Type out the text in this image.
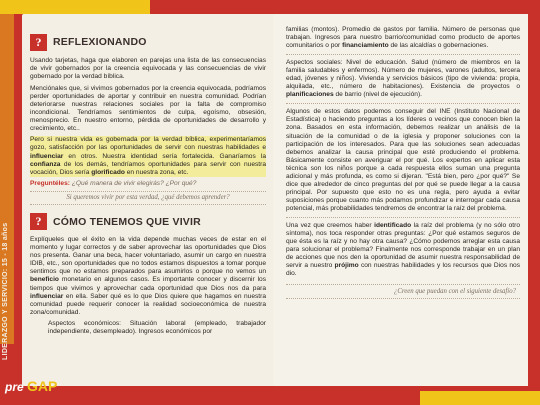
LIDERAZGO Y SERVICIO: 15 - 18 años
pre GAP
?	REFLEXIONANDO

Usando tarjetas, haga que elaboren en parejas una lista de las consecuencias de vivir gobernados por la creencia equivocada y las consecuencias de vivir gobernado por la verdad bíblica.

Menciónales que, si vivimos gobernados por la creencia equivocada, podríamos perder oportunidades de aportar y contribuir en nuestra comunidad. Podrían deteriorarse nuestras relaciones sociales por la falta de compromiso incondicional. Tendríamos sentimientos de culpa, egoísmo, obsesión, menosprecio. En nuestro entorno, pérdida de oportunidades de desarrollo y crecimiento, etc..

Pero si nuestra vida es gobernada por la verdad bíblica, experimentaríamos gozo, satisfacción por las oportunidades de servir con nuestras habilidades e influenciar en otros. Nuestra identidad sería fortalecida. Ganaríamos la confianza de los demás, tendríamos oportunidades para servir con nuestra vocación, Dios sería glorificado en nuestra zona, etc.

Preguntéles: ¿Qué manera de vivir elegirás? ¿Por qué?
Si queremos vivir por esta verdad, ¿qué debemos aprender?
?	CÓMO TENEMOS QUE VIVIR

Explíqueles que el éxito en la vida depende muchas veces de estar en el momento y lugar correctos y de saber aprovechar las oportunidades que Dios nos presenta. Ganar una beca, hacer voluntariado, asumir un cargo en nuestra IDIB, etc., son oportunidades que no todos estamos dispuestos a tomar porque sentimos que no estamos preparados para asumirlos o porque no vemos un beneficio monetario en algunos casos. Es importante conocer y discernir los tiempos que vivimos y aprovechar cada oportunidad que Dios nos da para influenciar en ella. Saber qué es lo que Dios quiere que hagamos en nuestra comunidad puede requerir conocer la realidad socioeconómica de nuestra zona/comunidad.

Aspectos económicos: Situación laboral (empleado, trabajador independiente, desempleado). Ingresos económicos por

familias (montos). Promedio de gastos por familia. Número de personas que trabajan. Ingresos para nuestro barrio/comunidad como producto de aportes comunitarios o por financiamiento de las alcaldías o gobernaciones.

Aspectos sociales: Nivel de educación. Salud (número de miembros en la familia saludables y enfermos). Número de mujeres, varones (adultos, tercera edad, jóvenes y niños). Vivienda y servicios básicos (tipo de vivienda: propia, alquilada, etc., número de habitaciones). Existencia de proyectos o planificaciones de barrio (nivel de ejecución).

Algunos de estos datos podemos conseguir del INE (Instituto Nacional de Estadística) o haciendo preguntas a los líderes o vecinos que conocen bien la zona. Basados en esta información, debemos realizar un análisis de la situación de la comunidad o de la iglesia y proponer soluciones con la participación de los interesados. Para que las soluciones sean adecuadas debemos analizar la causa principal que esté produciendo el problema. Básicamente consiste en averiguar el por qué. Los expertos en aplicar esta técnica son los niños porque a cada respuesta ellos suman una pregunta adicional y más profunda, es como si dijeran. "Está bien, pero ¿por qué?" Se dice que alrededor de cinco preguntas del por qué se puede llegar a la causa principal. Por supuesto que esto no es una regla, pero ayuda a evitar suposiciones porque cuanto más podamos profundizar e interrogar cada causa potencial, más probabilidades tendremos de encontrar la raíz del problema.

Una vez que creemos haber identificado la raíz del problema (y no sólo otro síntoma), nos toca responder otras preguntas: ¿Por qué estamos seguros de que ésta es la raíz y no hay otra causa? ¿Cómo podemos arreglar esta causa para solucionar el problema? Finalmente nos corresponde trabajar en un plan de acciones que nos den la oportunidad de asumir nuestra responsabilidad de servir a nuestro prójimo con nuestras habilidades y los recursos que Dios nos dio.

¿Creen que puedan con el siguiente desafío?
